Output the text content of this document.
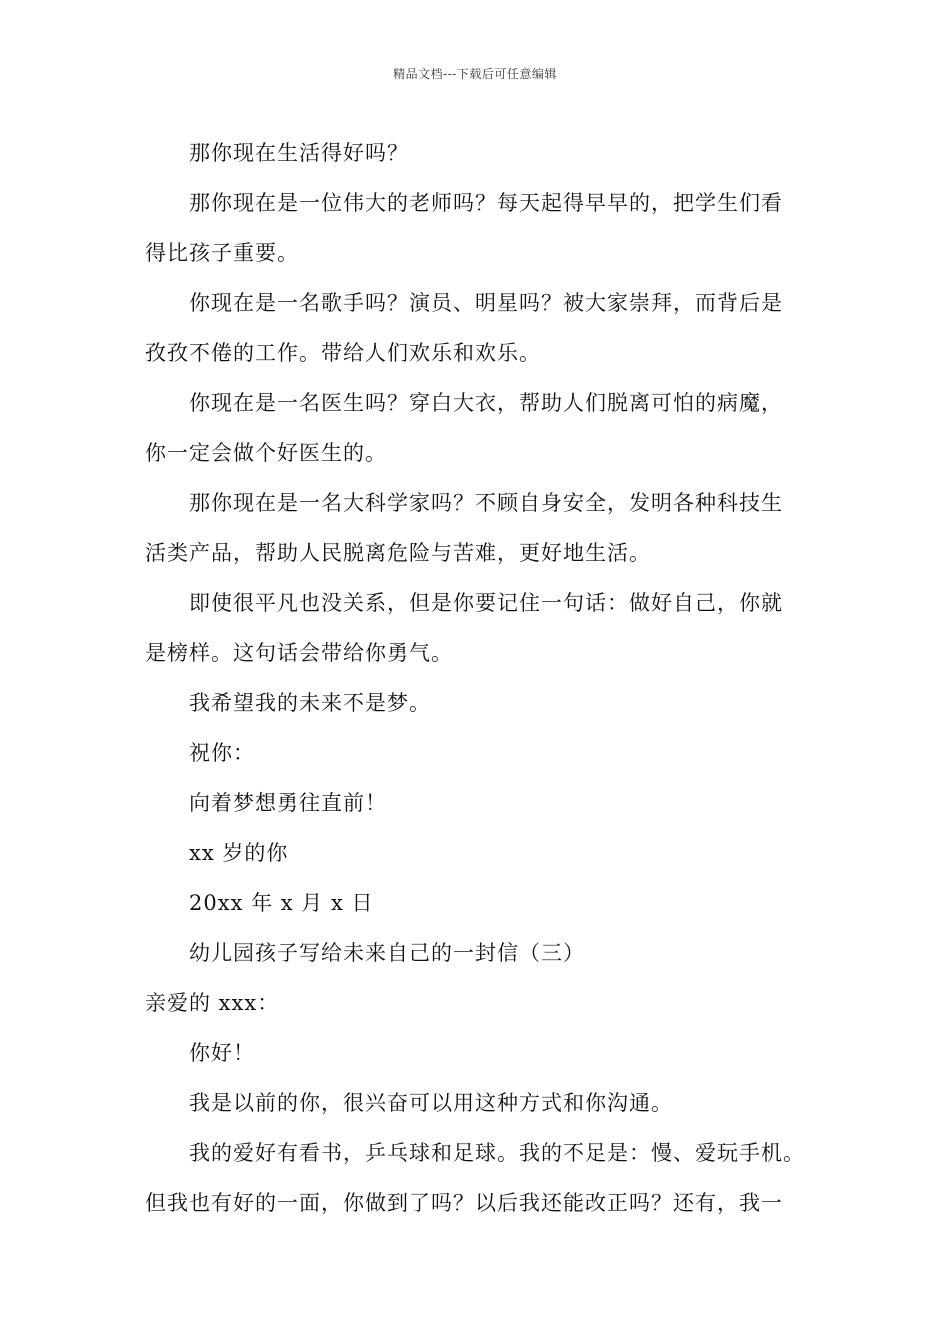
精品文档---下载后可任意编辑
那你现在生活得好吗？
那你现在是一位伟大的老师吗？每天起得早早的，把学生们看
得比孩子重要。
你现在是一名歌手吗？演员、明星吗？被大家崇拜，而背后是
孜孜不倦的工作。带给人们欢乐和欢乐。
你现在是一名医生吗？穿白大衣，帮助人们脱离可怕的病魔，
你一定会做个好医生的。
那你现在是一名大科学家吗？不顾自身安全，发明各种科技生
活类产品，帮助人民脱离危险与苦难，更好地生活。
即使很平凡也没关系，但是你要记住一句话：做好自己，你就
是榜样。这句话会带给你勇气。
我希望我的未来不是梦。
祝你：
向着梦想勇往直前！
xx 岁的你
20xx 年 x 月 x 日
幼儿园孩子写给未来自己的一封信（三）
亲爱的 xxx：
你好！
我是以前的你，很兴奋可以用这种方式和你沟通。
我的爱好有看书，乒乓球和足球。我的不足是：慢、爱玩手机。
但我也有好的一面，你做到了吗？以后我还能改正吗？还有，我一
